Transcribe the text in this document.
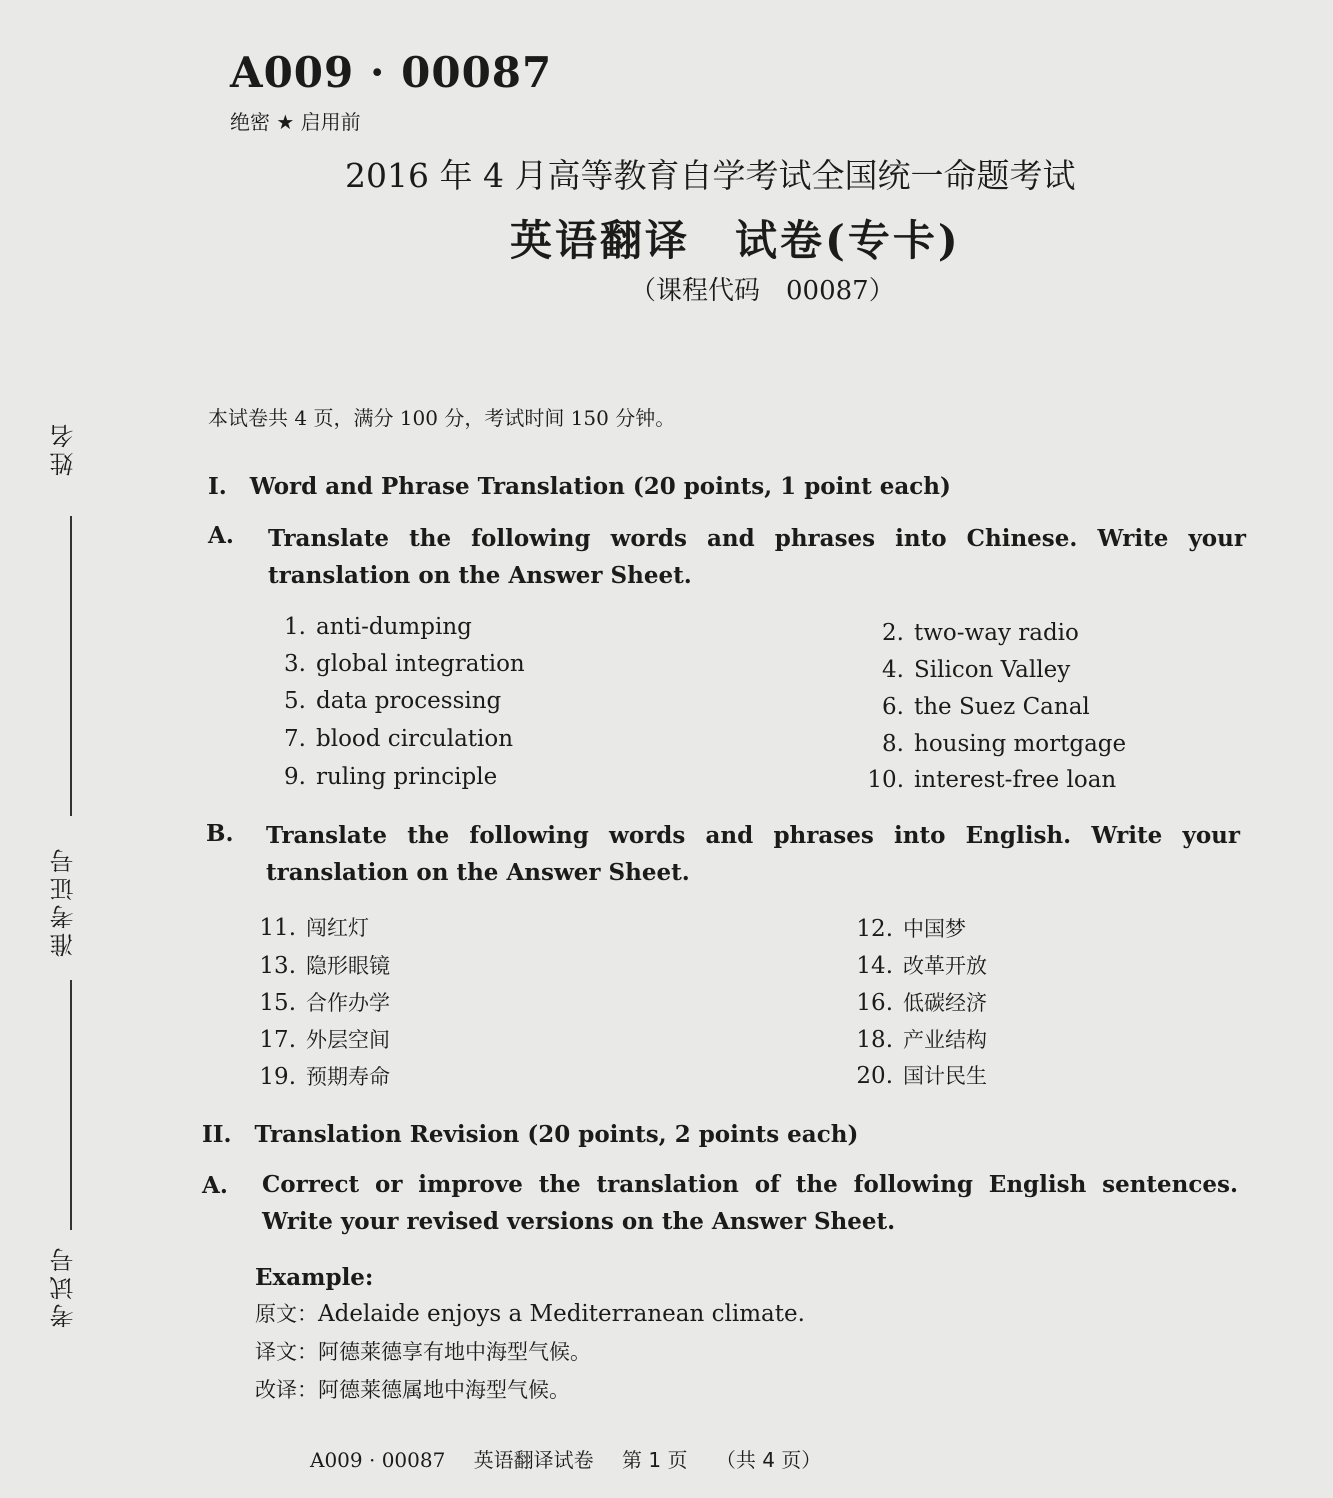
姓名
准考证号
考试号
A009 · 00087
绝密 ★ 启用前
2016 年 4 月高等教育自学考试全国统一命题考试
英语翻译　试卷(专卡)
（课程代码　00087）
本试卷共 4 页，满分 100 分，考试时间 150 分钟。
I.　Word and Phrase Translation (20 points, 1 point each)
A. Translate the following words and phrases into Chinese. Write your
translation on the Answer Sheet.
1. anti-dumping
3. global integration
5. data processing
7. blood circulation
9. ruling principle
2. two-way radio
4. Silicon Valley
6. the Suez Canal
8. housing mortgage
10. interest-free loan
B. Translate the following words and phrases into English. Write your
translation on the Answer Sheet.
11. 闯红灯
13. 隐形眼镜
15. 合作办学
17. 外层空间
19. 预期寿命
12. 中国梦
14. 改革开放
16. 低碳经济
18. 产业结构
20. 国计民生
II.　Translation Revision (20 points, 2 points each)
A. Correct or improve the translation of the following English sentences.
Write your revised versions on the Answer Sheet.
Example:
原文：Adelaide enjoys a Mediterranean climate.
译文：阿德莱德享有地中海型气候。
改译：阿德莱德属地中海型气候。
A009 · 00087 英语翻译试卷 第 1 页 （共 4 页）
